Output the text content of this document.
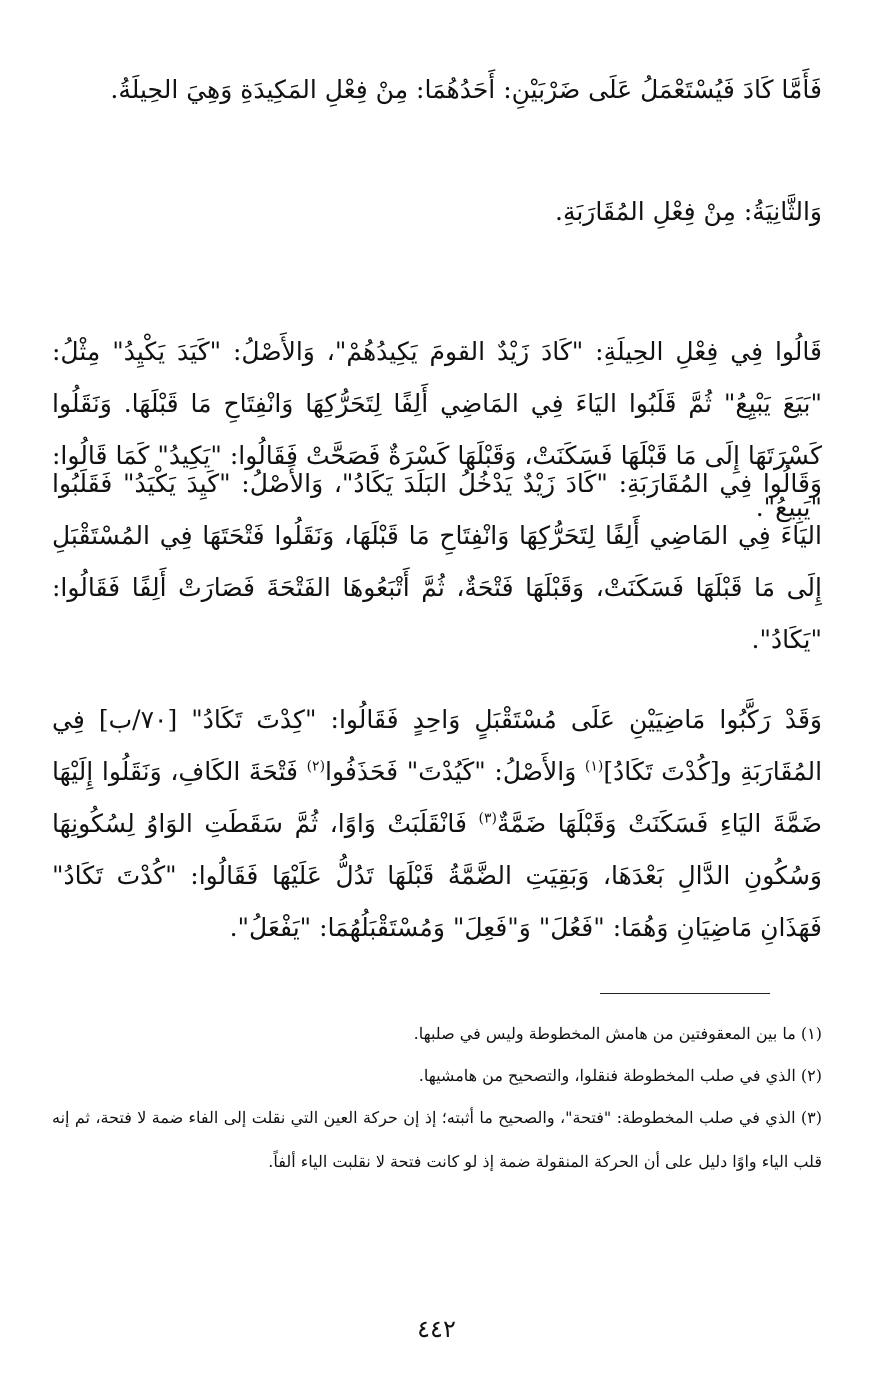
فَأَمَّا كَادَ فَيُسْتَعْمَلُ عَلَى ضَرْبَيْنِ: أَحَدُهُمَا: مِنْ فِعْلِ المَكِيدَةِ وَهِيَ الحِيلَةُ.

وَالثَّانِيَةُ: مِنْ فِعْلِ المُقَارَبَةِ.

قَالُوا فِي فِعْلِ الحِيلَةِ: "كَادَ زَيْدٌ القومَ يَكِيدُهُمْ"، وَالأَصْلُ: "كَيَدَ يَكْيِدُ" مِثْلُ: "بَيَعَ يَبْيِعُ" ثُمَّ قَلَبُوا اليَاءَ فِي المَاضِي أَلِفًا لِتَحَرُّكِهَا وَانْفِتَاحِ مَا قَبْلَهَا. وَنَقَلُوا كَسْرَتَهَا إِلَى مَا قَبْلَهَا فَسَكَنَتْ، وَقَبْلَهَا كَسْرَةٌ فَصَحَّتْ فَقَالُوا: "يَكِيدُ" كَمَا قَالُوا: "يَبِيعُ".

وَقَالُوا فِي المُقَارَبَةِ: "كَادَ زَيْدٌ يَدْخُلُ البَلَدَ يَكَادُ"، وَالأَصْلُ: "كَيِدَ يَكْيَدُ" فَقَلَبُوا اليَاءَ فِي المَاضِي أَلِفًا لِتَحَرُّكِهَا وَانْفِتَاحِ مَا قَبْلَهَا، وَنَقَلُوا فَتْحَتَهَا فِي المُسْتَقْبَلِ إِلَى مَا قَبْلَهَا فَسَكَنَتْ، وَقَبْلَهَا فَتْحَةٌ، ثُمَّ أَتْبَعُوهَا الفَتْحَةَ فَصَارَتْ أَلِفًا فَقَالُوا: "يَكَادُ".

وَقَدْ رَكَّبُوا مَاضِيَيْنِ عَلَى مُسْتَقْبَلٍ وَاحِدٍ فَقَالُوا: "كِدْتَ تَكَادُ" [٧٠/ب] فِي المُقَارَبَةِ و[كُدْتَ تَكَادُ]$^{(١)}$ وَالأَصْلُ: "كَيُدْتَ" فَحَذَفُوا$^{(٢)}$ فَتْحَةَ الكَافِ، وَنَقَلُوا إِلَيْهَا ضَمَّةَ اليَاءِ فَسَكَنَتْ وَقَبْلَهَا ضَمَّةٌ$^{(٣)}$ فَانْقَلَبَتْ وَاوًا، ثُمَّ سَقَطَتِ الوَاوُ لِسُكُونِهَا وَسُكُونِ الدَّالِ بَعْدَهَا، وَبَقِيَتِ الضَّمَّةُ قَبْلَهَا تَدُلُّ عَلَيْهَا فَقَالُوا: "كُدْتَ تَكَادُ" فَهَذَانِ مَاضِيَانِ وَهُمَا: "فَعُلَ" وَ"فَعِلَ" وَمُسْتَقْبَلُهُمَا: "يَفْعَلُ".

(١) ما بين المعقوفتين من هامش المخطوطة وليس في صلبها.

(٢) الذي في صلب المخطوطة فنقلوا، والتصحيح من هامشيها.

(٣) الذي في صلب المخطوطة: "فتحة"، والصحيح ما أثبته؛ إذ إن حركة العين التي نقلت إلى الفاء ضمة لا فتحة، ثم إنه قلب الياء واوًا دليل على أن الحركة المنقولة ضمة إذ لو كانت فتحة لا نقلبت الياء ألفاً.

٤٤٢
